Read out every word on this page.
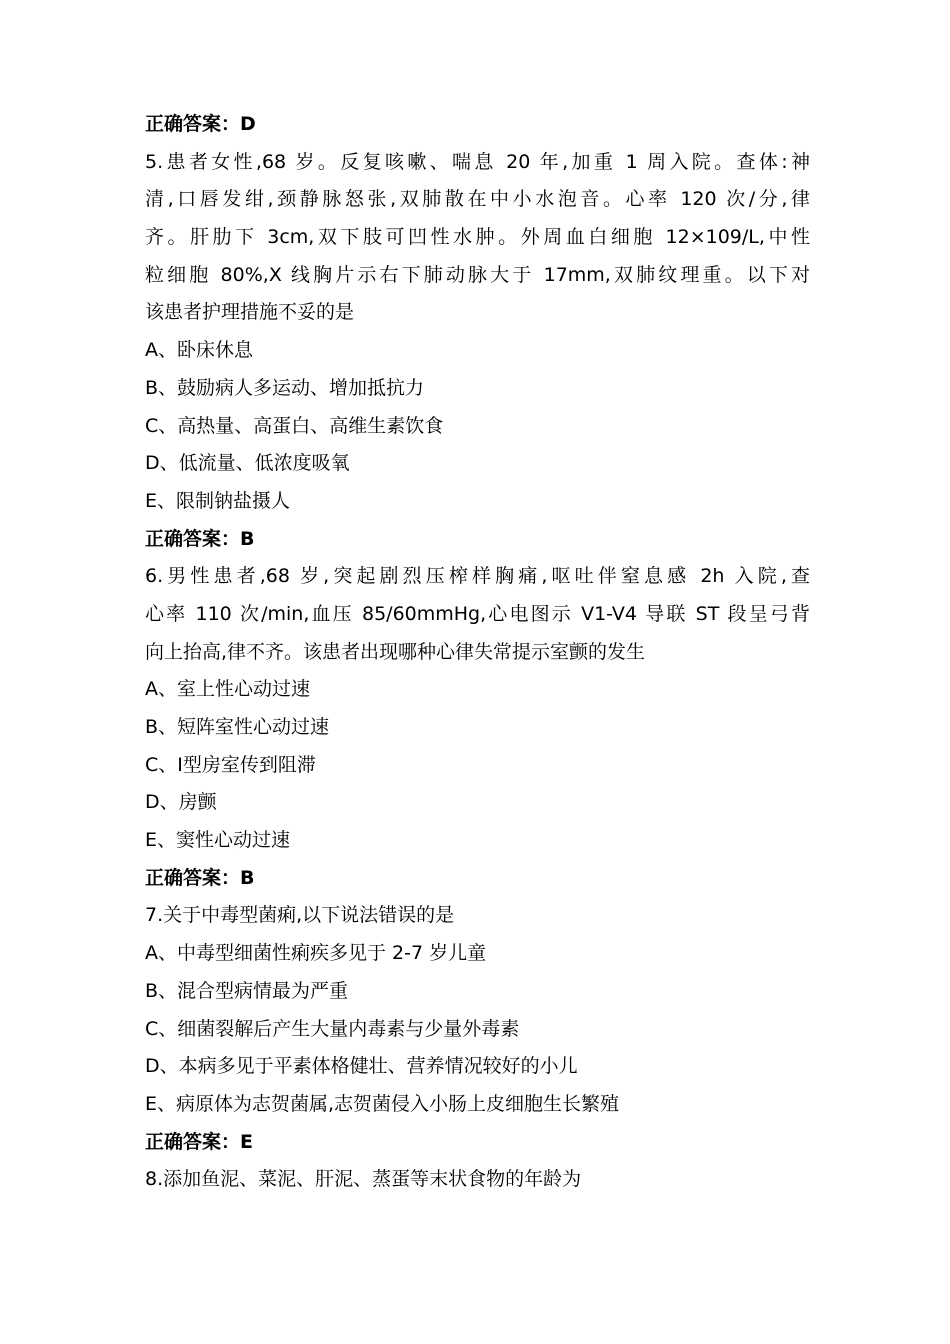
正确答案：D
5.患者女性,68 岁。反复咳嗽、喘息 20 年,加重 1 周入院。查体:神
清,口唇发绀,颈静脉怒张,双肺散在中小水泡音。心率 120 次/分,律
齐。肝肋下 3cm,双下肢可凹性水肿。外周血白细胞 12×109/L,中性
粒细胞 80%,X 线胸片示右下肺动脉大于 17mm,双肺纹理重。以下对
该患者护理措施不妥的是
A、卧床休息
B、鼓励病人多运动、增加抵抗力
C、高热量、高蛋白、高维生素饮食
D、低流量、低浓度吸氧
E、限制钠盐摄人
正确答案：B
6.男性患者,68 岁,突起剧烈压榨样胸痛,呕吐伴窒息感 2h 入院,查
心率 110 次/min,血压 85/60mmHg,心电图示 V1-V4 导联 ST 段呈弓背
向上抬高,律不齐。该患者出现哪种心律失常提示室颤的发生
A、室上性心动过速
B、短阵室性心动过速
C、Ⅰ型房室传到阻滞
D、房颤
E、窦性心动过速
正确答案：B
7.关于中毒型菌痢,以下说法错误的是
A、中毒型细菌性痢疾多见于 2-7 岁儿童
B、混合型病情最为严重
C、细菌裂解后产生大量内毒素与少量外毒素
D、本病多见于平素体格健壮、营养情况较好的小儿
E、病原体为志贺菌属,志贺菌侵入小肠上皮细胞生长繁殖
正确答案：E
8.添加鱼泥、菜泥、肝泥、蒸蛋等末状食物的年龄为
